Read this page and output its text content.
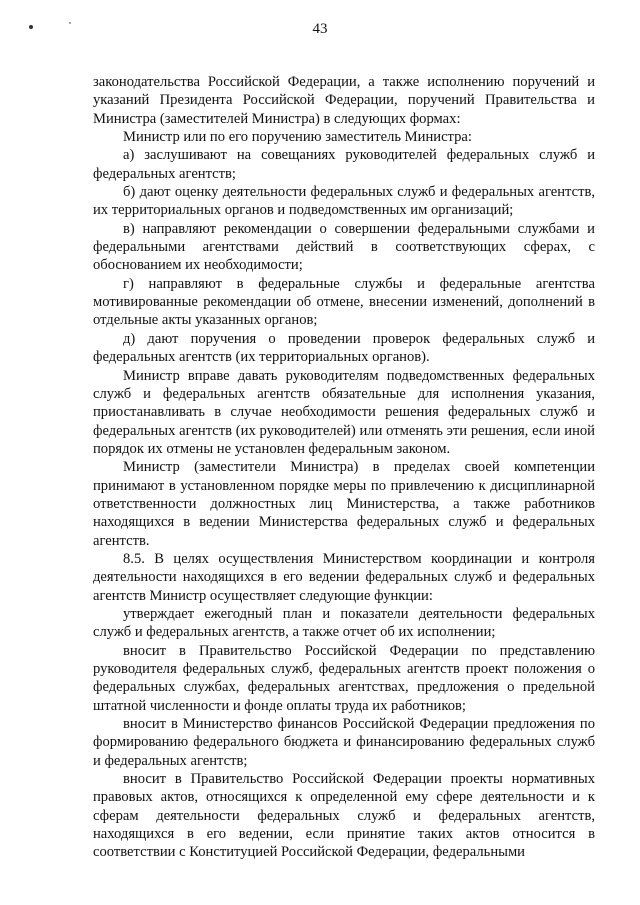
43

законодательства Российской Федерации, а также исполнению поручений и указаний Президента Российской Федерации, поручений Правительства и Министра (заместителей Министра) в следующих формах:

Министр или по его поручению заместитель Министра:

а) заслушивают на совещаниях руководителей федеральных служб и федеральных агентств;

б) дают оценку деятельности федеральных служб и федеральных агентств, их территориальных органов и подведомственных им организаций;

в) направляют рекомендации о совершении федеральными службами и федеральными агентствами действий в соответствующих сферах, с обоснованием их необходимости;

г) направляют в федеральные службы и федеральные агентства мотивированные рекомендации об отмене, внесении изменений, дополнений в отдельные акты указанных органов;

д) дают поручения о проведении проверок федеральных служб и федеральных агентств (их территориальных органов).

Министр вправе давать руководителям подведомственных федеральных служб и федеральных агентств обязательные для исполнения указания, приостанавливать в случае необходимости решения федеральных служб и федеральных агентств (их руководителей) или отменять эти решения, если иной порядок их отмены не установлен федеральным законом.

Министр (заместители Министра) в пределах своей компетенции принимают в установленном порядке меры по привлечению к дисциплинарной ответственности должностных лиц Министерства, а также работников находящихся в ведении Министерства федеральных служб и федеральных агентств.

8.5. В целях осуществления Министерством координации и контроля деятельности находящихся в его ведении федеральных служб и федеральных агентств Министр осуществляет следующие функции:

утверждает ежегодный план и показатели деятельности федеральных служб и федеральных агентств, а также отчет об их исполнении;

вносит в Правительство Российской Федерации по представлению руководителя федеральных служб, федеральных агентств проект положения о федеральных службах, федеральных агентствах, предложения о предельной штатной численности и фонде оплаты труда их работников;

вносит в Министерство финансов Российской Федерации предложения по формированию федерального бюджета и финансированию федеральных служб и федеральных агентств;

вносит в Правительство Российской Федерации проекты нормативных правовых актов, относящихся к определенной ему сфере деятельности и к сферам деятельности федеральных служб и федеральных агентств, находящихся в его ведении, если принятие таких актов относится в соответствии с Конституцией Российской Федерации, федеральными
